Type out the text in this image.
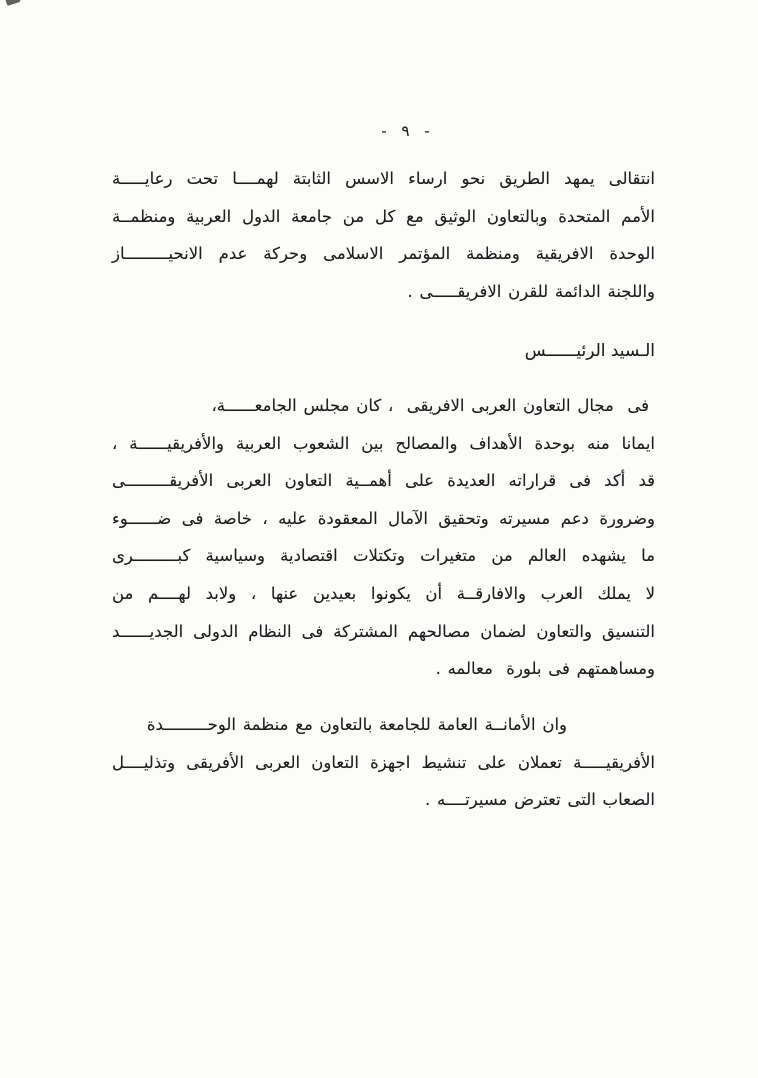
- ٩ -
انتقالى يمهد الطريق نحو ارساء الاسس الثابتة لهمــــا تحت رعايـــــة
الأمم المتحدة وبالتعاون الوثيق مع كل من جامعة الدول العربية ومنظمــة
الوحدة الافريقية ومنظمة المؤتمر الاسلامى وحركة عدم الانحيـــــــــاز
واللجنة الدائمة للقرن الافريقـــــى .
الـسيد الرئيــــــس
فى  مجال التعاون العربى الافريقى  ، كان مجلس الجامعــــــة،
ايمانا منه بوحدة الأهداف والمصالح بين الشعوب العربية والأفريقيــــــة ،
قد أكد فى قراراته العديدة على أهمــية التعاون العربى الأفريقـــــــــى
وضرورة دعم مسيرته وتحقيق الآمال المعقودة عليه ، خاصة فى ضــــــوء
ما يشهده العالم من متغيرات وتكتلات اقتصادية وسياسية كبـــــــــرى
لا يملك العرب والافارقــة أن يكونوا بعيدين عنها ، ولابد لهــــم من
التنسيق والتعاون لضمان مصالحهم المشتركة فى النظام الدولى الجديــــــد
ومساهمتهم فى بلورة  معالمه .
وان الأمانــة العامة للجامعة بالتعاون مع منظمة الوحـــــــــدة
الأفريقيـــــة تعملان على تنشيط اجهزة التعاون العربى الأفريقى وتذليــــل
الصعاب التى تعترض مسيرتــــه .
